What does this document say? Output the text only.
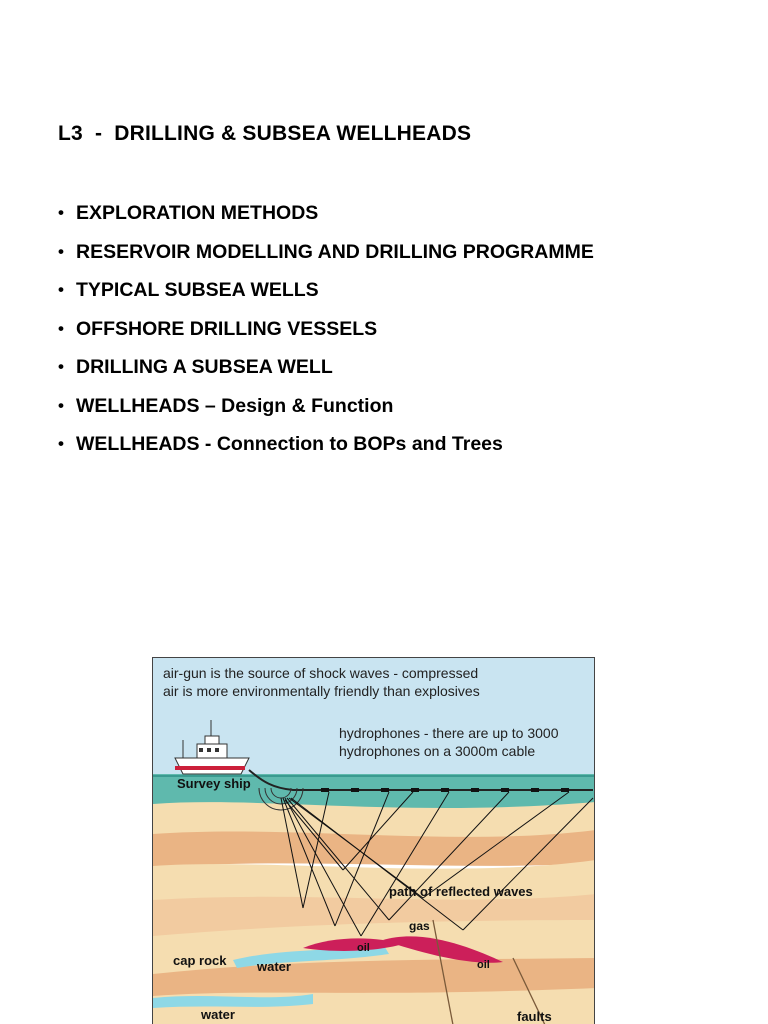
L3  -  DRILLING & SUBSEA WELLHEADS
• EXPLORATION METHODS
• RESERVOIR MODELLING AND DRILLING PROGRAMME
• TYPICAL SUBSEA WELLS
• OFFSHORE DRILLING VESSELS
• DRILLING A SUBSEA WELL
• WELLHEADS – Design & Function
• WELLHEADS - Connection to BOPs and Trees
air-gun is the source of shock waves - compressed
air is more environmentally friendly than explosives
hydrophones - there are up to 3000
hydrophones on a 3000m cable
Survey ship
path of reflected waves
gas
oil
oil
cap rock water
water	faults
